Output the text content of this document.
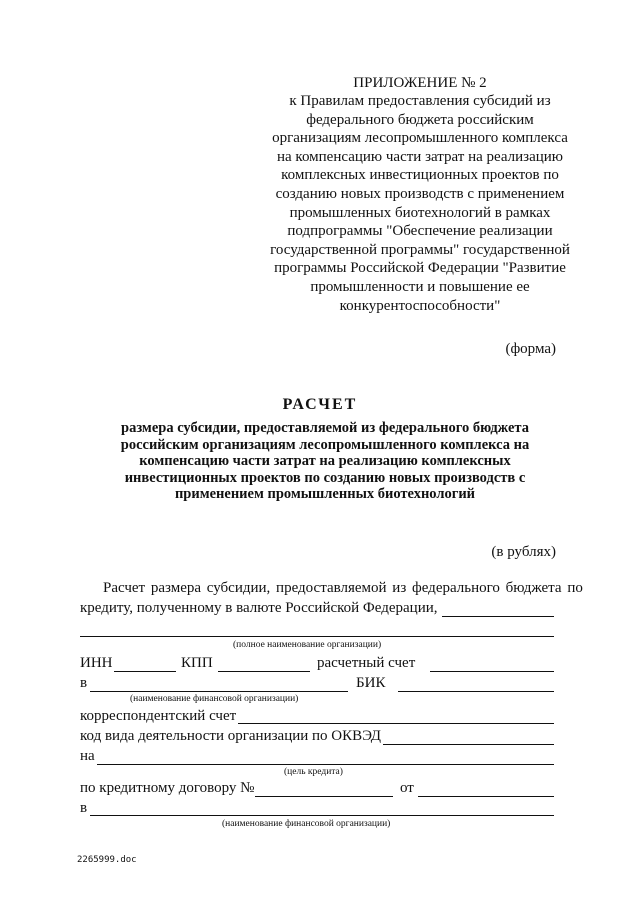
ПРИЛОЖЕНИЕ № 2
к Правилам предоставления субсидий из федерального бюджета российским организациям лесопромышленного комплекса на компенсацию части затрат на реализацию комплексных инвестиционных проектов по созданию новых производств с применением промышленных биотехнологий в рамках подпрограммы "Обеспечение реализации государственной программы" государственной программы Российской Федерации "Развитие промышленности и повышение ее конкурентоспособности"
(форма)
РАСЧЕТ
размера субсидии, предоставляемой из федерального бюджета российским организациям лесопромышленного комплекса на компенсацию части затрат на реализацию комплексных инвестиционных проектов по созданию новых производств с применением промышленных биотехнологий
(в рублях)
Расчет размера субсидии, предоставляемой из федерального бюджета по
кредиту, полученному в валюте Российской Федерации,
(полное наименование организации)
ИНН	КПП	расчетный счет
в	БИК
(наименование финансовой организации)
корреспондентский счет
код вида деятельности организации по ОКВЭД
на
(цель кредита)
по кредитному договору №	от
в
(наименование финансовой организации)
2265999.doc
